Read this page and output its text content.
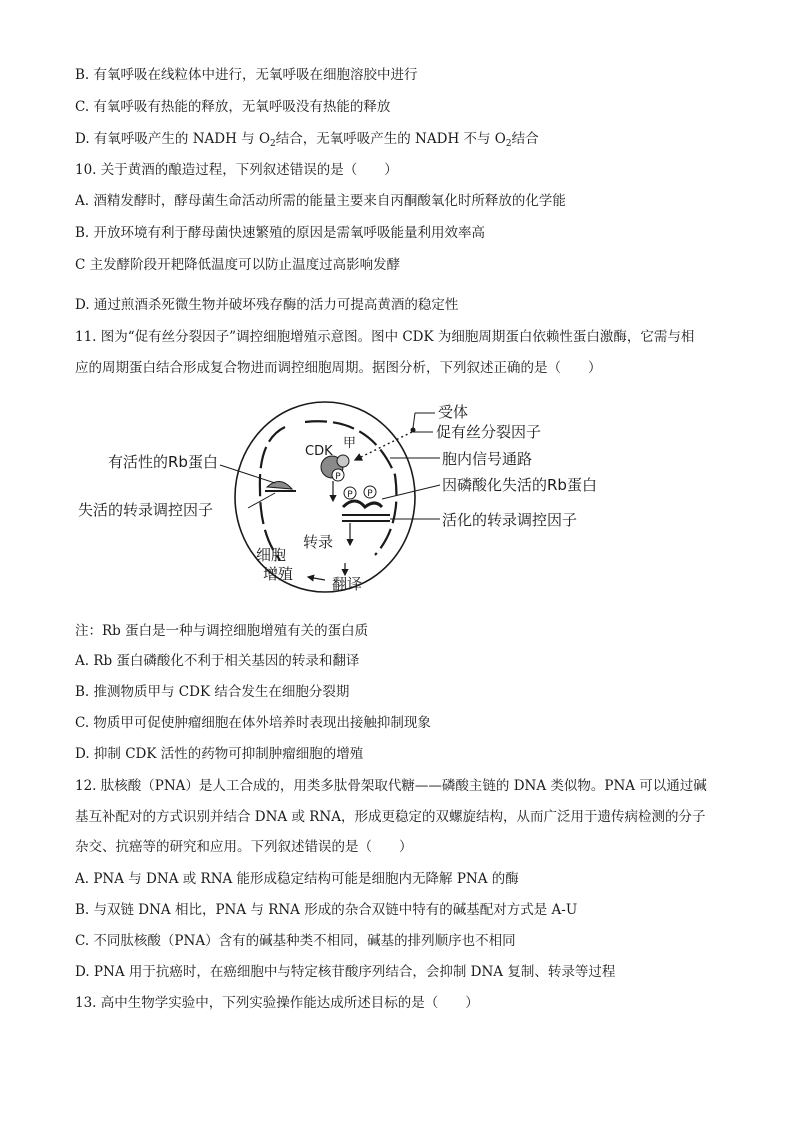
B. 有氧呼吸在线粒体中进行，无氧呼吸在细胞溶胶中进行
C. 有氧呼吸有热能的释放，无氧呼吸没有热能的释放
D. 有氧呼吸产生的 NADH 与 $O_2$结合，无氧呼吸产生的 NADH 不与 $O_2$结合
10. 关于黄酒的酿造过程，下列叙述错误的是（　　）
A. 酒精发酵时，酵母菌生命活动所需的能量主要来自丙酮酸氧化时所释放的化学能
B. 开放环境有利于酵母菌快速繁殖的原因是需氧呼吸能量利用效率高
C 主发酵阶段开耙降低温度可以防止温度过高影响发酵
D. 通过煎酒杀死微生物并破坏残存酶的活力可提高黄酒的稳定性
11. 图为“促有丝分裂因子”调控细胞增殖示意图。图中 CDK 为细胞周期蛋白依赖性蛋白激酶，它需与相
应的周期蛋白结合形成复合物进而调控细胞周期。据图分析，下列叙述正确的是（　　）
P
CDK
甲
P P
受体
促有丝分裂因子
胞内信号通路
因磷酸化失活的Rb蛋白
活化的转录调控因子
有活性的Rb蛋白
失活的转录调控因子
转录
细胞
增殖
翻译
注：Rb 蛋白是一种与调控细胞增殖有关的蛋白质
A. Rb 蛋白磷酸化不利于相关基因的转录和翻译
B. 推测物质甲与 CDK 结合发生在细胞分裂期
C. 物质甲可促使肿瘤细胞在体外培养时表现出接触抑制现象
D. 抑制 CDK 活性的药物可抑制肿瘤细胞的增殖
12. 肽核酸（PNA）是人工合成的，用类多肽骨架取代糖——磷酸主链的 DNA 类似物。PNA 可以通过碱
基互补配对的方式识别并结合 DNA 或 RNA，形成更稳定的双螺旋结构，从而广泛用于遗传病检测的分子
杂交、抗癌等的研究和应用。下列叙述错误的是（　　）
A. PNA 与 DNA 或 RNA 能形成稳定结构可能是细胞内无降解 PNA 的酶
B. 与双链 DNA 相比，PNA 与 RNA 形成的杂合双链中特有的碱基配对方式是 A-U
C. 不同肽核酸（PNA）含有的碱基种类不相同，碱基的排列顺序也不相同
D. PNA 用于抗癌时，在癌细胞中与特定核苷酸序列结合，会抑制 DNA 复制、转录等过程
13. 高中生物学实验中，下列实验操作能达成所述目标的是（　　）
